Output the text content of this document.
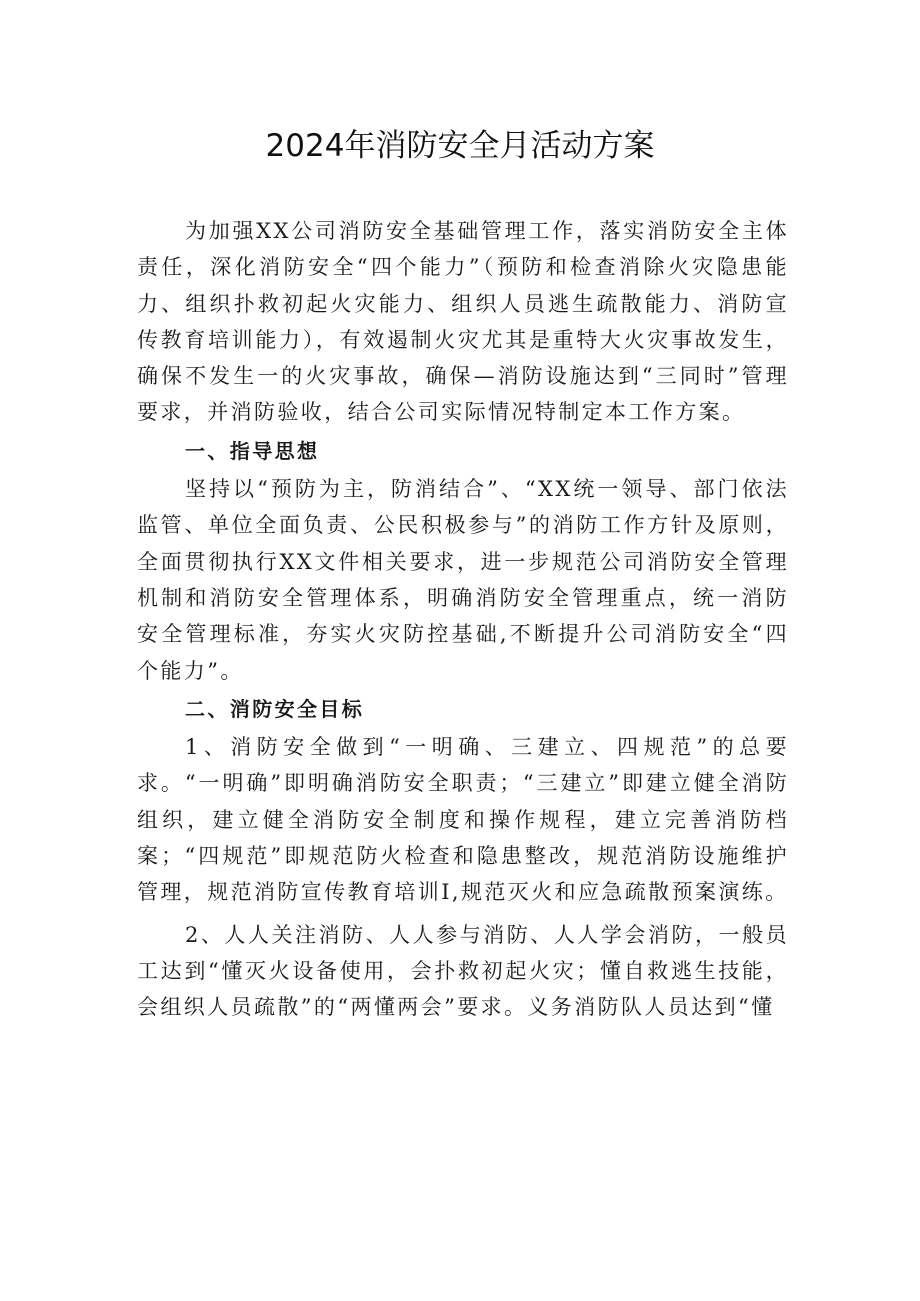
2024年消防安全月活动方案

为加强XX公司消防安全基础管理工作，落实消防安全主体责任，深化消防安全“四个能力”（预防和检查消除火灾隐患能力、组织扑救初起火灾能力、组织人员逃生疏散能力、消防宣传教育培训能力），有效遏制火灾尤其是重特大火灾事故发生，确保不发生一的火灾事故，确保—消防设施达到“三同时”管理要求，并消防验收，结合公司实际情况特制定本工作方案。

一、指导思想

坚持以“预防为主，防消结合”、“XX统一领导、部门依法监管、单位全面负责、公民积极参与”的消防工作方针及原则，全面贯彻执行XX文件相关要求，进一步规范公司消防安全管理机制和消防安全管理体系，明确消防安全管理重点，统一消防安全管理标准，夯实火灾防控基础,不断提升公司消防安全“四个能力”。

二、消防安全目标

1、消防安全做到“一明确、三建立、四规范”的总要求。“一明确”即明确消防安全职责；“三建立”即建立健全消防组织，建立健全消防安全制度和操作规程，建立完善消防档案；“四规范”即规范防火检查和隐患整改，规范消防设施维护管理，规范消防宣传教育培训I,规范灭火和应急疏散预案演练。

2、人人关注消防、人人参与消防、人人学会消防，一般员工达到“懂灭火设备使用，会扑救初起火灾；懂自救逃生技能，会组织人员疏散”的“两懂两会”要求。义务消防队人员达到“懂
